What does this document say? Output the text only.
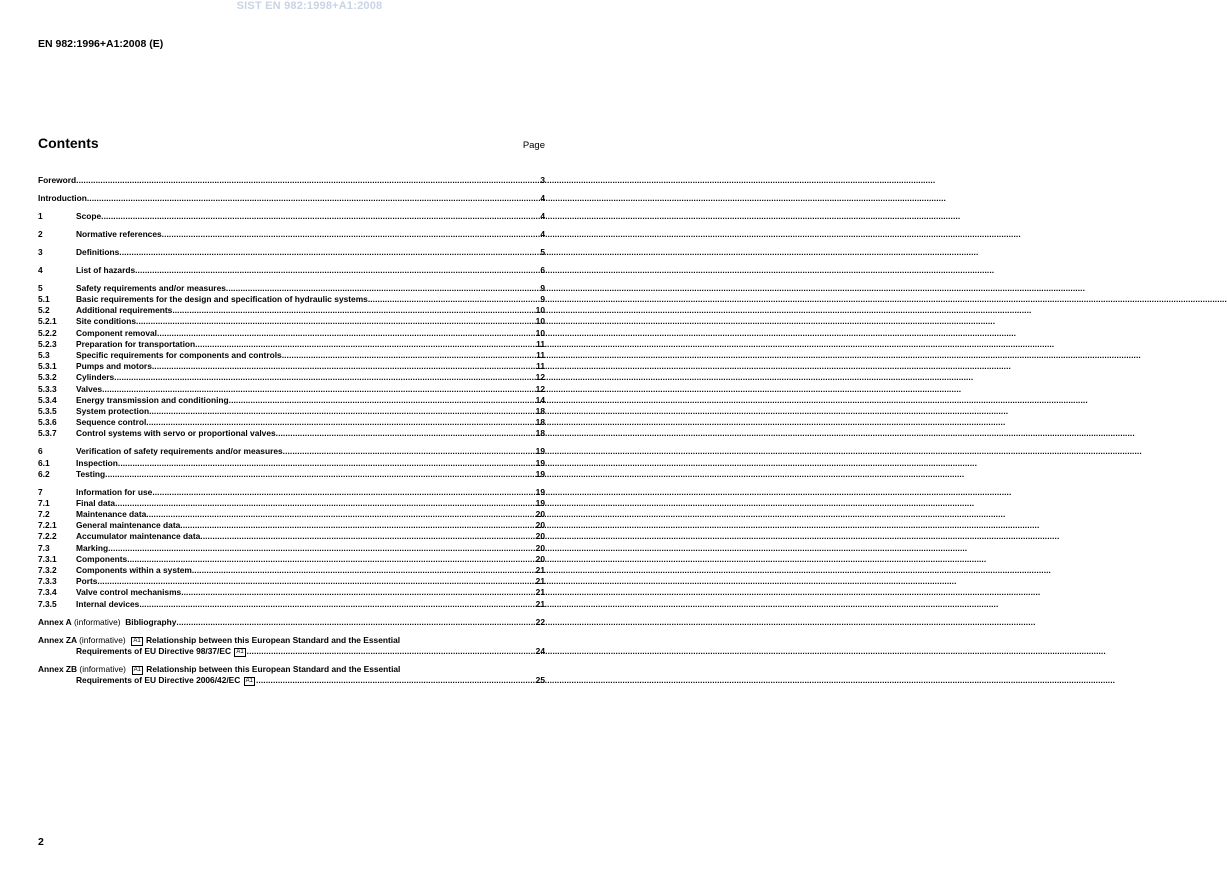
SIST EN 982:1998+A1:2008
EN 982:1996+A1:2008 (E)
Contents	Page
Foreword .....	3
Introduction .....	4
1	Scope .....	4
2	Normative references .....	4
3	Definitions .....	5
4	List of hazards .....	6
5	Safety requirements and/or measures .....	9
5.1	Basic requirements for the design and specification of hydraulic systems .....	9
5.2	Additional requirements .....	10
5.2.1	Site conditions .....	10
5.2.2	Component removal .....	10
5.2.3	Preparation for transportation .....	11
5.3	Specific requirements for components and controls .....	11
5.3.1	Pumps and motors .....	11
5.3.2	Cylinders .....	12
5.3.3	Valves .....	12
5.3.4	Energy transmission and conditioning .....	14
5.3.5	System protection .....	18
5.3.6	Sequence control .....	18
5.3.7	Control systems with servo or proportional valves .....	18
6	Verification of safety requirements and/or measures .....	19
6.1	Inspection .....	19
6.2	Testing .....	19
7	Information for use .....	19
7.1	Final data .....	19
7.2	Maintenance data .....	20
7.2.1	General maintenance data .....	20
7.2.2	Accumulator maintenance data .....	20
7.3	Marking .....	20
7.3.1	Components .....	20
7.3.2	Components within a system .....	21
7.3.3	Ports .....	21
7.3.4	Valve control mechanisms .....	21
7.3.5	Internal devices .....	21
Annex A (informative) Bibliography .....	22
Annex ZA (informative) A1 Relationship between this European Standard and the Essential
Requirements of EU Directive 98/37/EC A1 .....	24
Annex ZB (informative) A1 Relationship between this European Standard and the Essential
Requirements of EU Directive 2006/42/EC A1 .....	25
2
